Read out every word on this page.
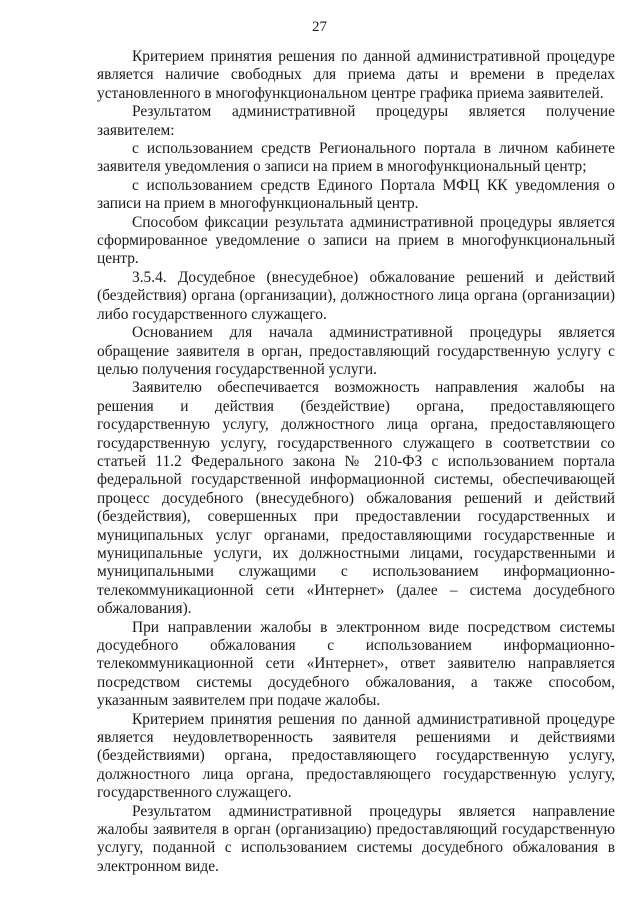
27

Критерием принятия решения по данной административной процедуре является наличие свободных для приема даты и времени в пределах установленного в многофункциональном центре графика приема заявителей.

Результатом административной процедуры является получение заявителем:

с использованием средств Регионального портала в личном кабинете заявителя уведомления о записи на прием в многофункциональный центр;

с использованием средств Единого Портала МФЦ КК уведомления о записи на прием в многофункциональный центр.

Способом фиксации результата административной процедуры является сформированное уведомление о записи на прием в многофункциональный центр.

3.5.4. Досудебное (внесудебное) обжалование решений и действий (бездействия) органа (организации), должностного лица органа (организации) либо государственного служащего.

Основанием для начала административной процедуры является обращение заявителя в орган, предоставляющий государственную услугу с целью получения государственной услуги.

Заявителю обеспечивается возможность направления жалобы на решения и действия (бездействие) органа, предоставляющего государственную услугу, должностного лица органа, предоставляющего государственную услугу, государственного служащего в соответствии со статьей 11.2 Федерального закона № 210-ФЗ с использованием портала федеральной государственной информационной системы, обеспечивающей процесс досудебного (внесудебного) обжалования решений и действий (бездействия), совершенных при предоставлении государственных и муниципальных услуг органами, предоставляющими государственные и муниципальные услуги, их должностными лицами, государственными и муниципальными служащими с использованием информационно-телекоммуникационной сети «Интернет» (далее – система досудебного обжалования).

При направлении жалобы в электронном виде посредством системы досудебного обжалования с использованием информационно-телекоммуникационной сети «Интернет», ответ заявителю направляется посредством системы досудебного обжалования, а также способом, указанным заявителем при подаче жалобы.

Критерием принятия решения по данной административной процедуре является неудовлетворенность заявителя решениями и действиями (бездействиями) органа, предоставляющего государственную услугу, должностного лица органа, предоставляющего государственную услугу, государственного служащего.

Результатом административной процедуры является направление жалобы заявителя в орган (организацию) предоставляющий государственную услугу, поданной с использованием системы досудебного обжалования в электронном виде.
